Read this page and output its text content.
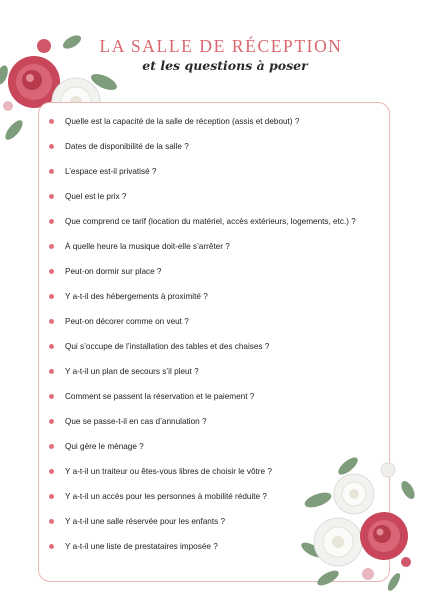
LA SALLE DE RÉCEPTION
et les questions à poser
Quelle est la capacité de la salle de réception (assis et debout) ?
Dates de disponibilité de la salle ?
L’espace est-il privatisé ?
Quel est le prix ?
Que comprend ce tarif (location du matériel, accès extérieurs, logements, etc.) ?
À quelle heure la musique doit-elle s’arrêter ?
Peut-on dormir sur place ?
Y a-t-il des hébergements à proximité ?
Peut-on décorer comme on veut ?
Qui s’occupe de l’installation des tables et des chaises ?
Y a-t-il un plan de secours s’il pleut ?
Comment se passent la réservation et le paiement ?
Que se passe-t-il en cas d’annulation ?
Qui gère le ménage ?
Y a-t-il un traiteur ou êtes-vous libres de choisir le vôtre ?
Y a-t-il un accès pour les personnes à mobilité réduite ?
Y a-t-il une salle réservée pour les enfants ?
Y a-t-il une liste de prestataires imposée ?
